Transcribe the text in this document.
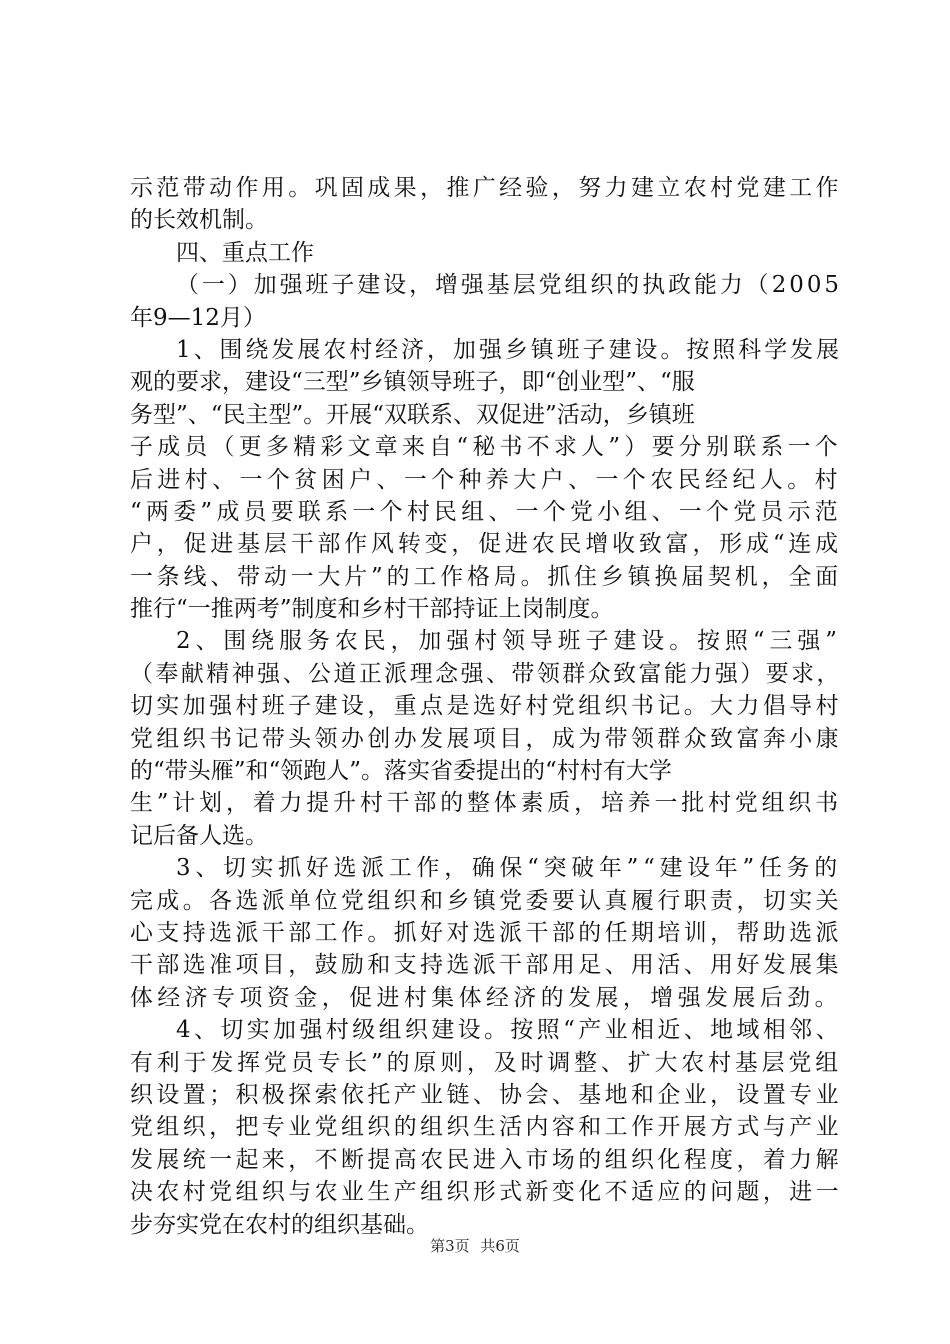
示范带动作用。巩固成果，推广经验，努力建立农村党建工作
的长效机制。
四、重点工作
（一）加强班子建设，增强基层党组织的执政能力（2005
年9—12月）
1、围绕发展农村经济，加强乡镇班子建设。按照科学发展
观的要求，建设“三型”乡镇领导班子，即“创业型”、“服
务型”、“民主型”。开展“双联系、双促进”活动，乡镇班
子成员（更多精彩文章来自“秘书不求人”）要分别联系一个
后进村、一个贫困户、一个种养大户、一个农民经纪人。村
“两委”成员要联系一个村民组、一个党小组、一个党员示范
户，促进基层干部作风转变，促进农民增收致富，形成“连成
一条线、带动一大片”的工作格局。抓住乡镇换届契机，全面
推行“一推两考”制度和乡村干部持证上岗制度。
2、围绕服务农民，加强村领导班子建设。按照“三强”
（奉献精神强、公道正派理念强、带领群众致富能力强）要求，
切实加强村班子建设，重点是选好村党组织书记。大力倡导村
党组织书记带头领办创办发展项目，成为带领群众致富奔小康
的“带头雁”和“领跑人”。落实省委提出的“村村有大学
生”计划，着力提升村干部的整体素质，培养一批村党组织书
记后备人选。
3、切实抓好选派工作，确保“突破年”“建设年”任务的
完成。各选派单位党组织和乡镇党委要认真履行职责，切实关
心支持选派干部工作。抓好对选派干部的任期培训，帮助选派
干部选准项目，鼓励和支持选派干部用足、用活、用好发展集
体经济专项资金，促进村集体经济的发展，增强发展后劲。
4、切实加强村级组织建设。按照“产业相近、地域相邻、
有利于发挥党员专长”的原则，及时调整、扩大农村基层党组
织设置；积极探索依托产业链、协会、基地和企业，设置专业
党组织，把专业党组织的组织生活内容和工作开展方式与产业
发展统一起来，不断提高农民进入市场的组织化程度，着力解
决农村党组织与农业生产组织形式新变化不适应的问题，进一
步夯实党在农村的组织基础。
第3页 共6页
